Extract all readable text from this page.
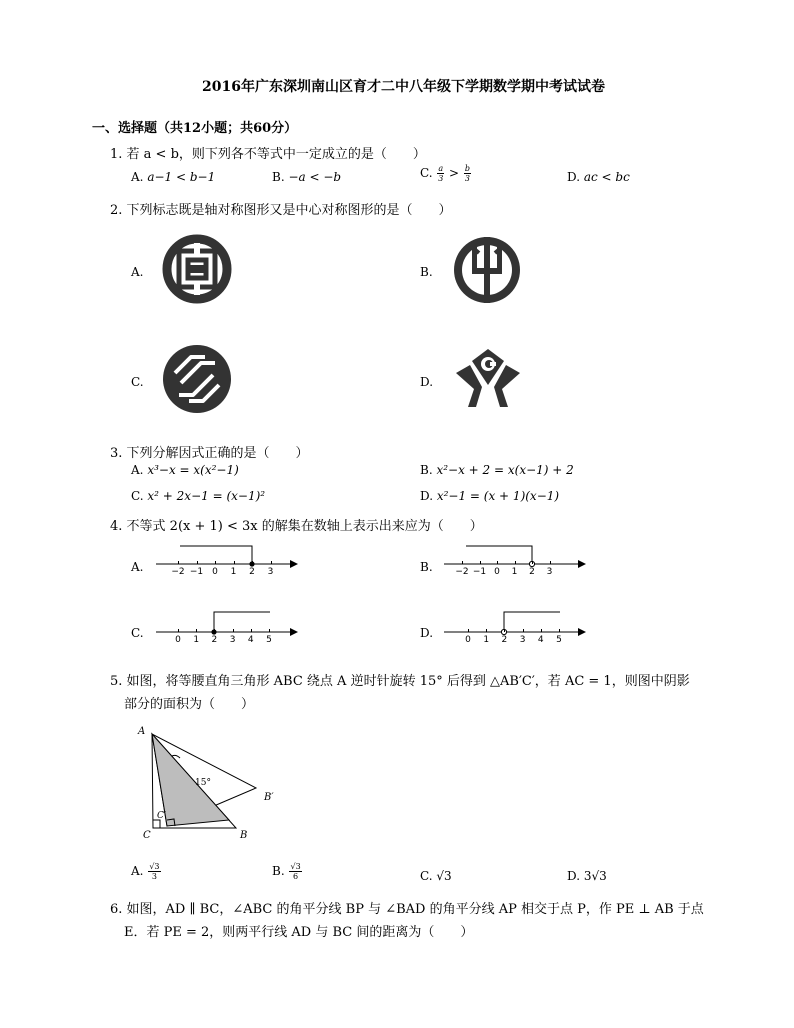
2016年广东深圳南山区育才二中八年级下学期数学期中考试试卷
一、选择题（共12小题；共60分）
1. 若 a < b，则下列各不等式中一定成立的是（　　）
A. a−1 < b−1	B. −a < −b	C. $\frac{a}{3} > \frac{b}{3}$	D. ac < bc
2. 下列标志既是轴对称图形又是中心对称图形的是（　　）
A.	B.
C.	D.
3. 下列分解因式正确的是（　　）
A. x³−x = x(x²−1)	B. x²−x + 2 = x(x−1) + 2
C. x² + 2x−1 = (x−1)²	D. x²−1 = (x + 1)(x−1)
4. 不等式 2(x + 1) < 3x 的解集在数轴上表示出来应为（　　）
A.	B.
C.	D.
−2 −1 0	1	2	3	−2 −1 0	1	2	3
0	1	2	3	4	5	0	1	2	3	4	5
5. 如图，将等腰直角三角形 ABC 绕点 A 逆时针旋转 15° 后得到 △AB′C′，若 AC = 1，则图中阴影
部分的面积为（　　）
A
C	B
C′
B′
15°
A. $\frac{√3}{3}$	B. $\frac{√3}{6}$	C. √3	D. 3√3
6. 如图，AD ∥ BC，∠ABC 的角平分线 BP 与 ∠BAD 的角平分线 AP 相交于点 P，作 PE ⊥ AB 于点
E．若 PE = 2，则两平行线 AD 与 BC 间的距离为（　　）
